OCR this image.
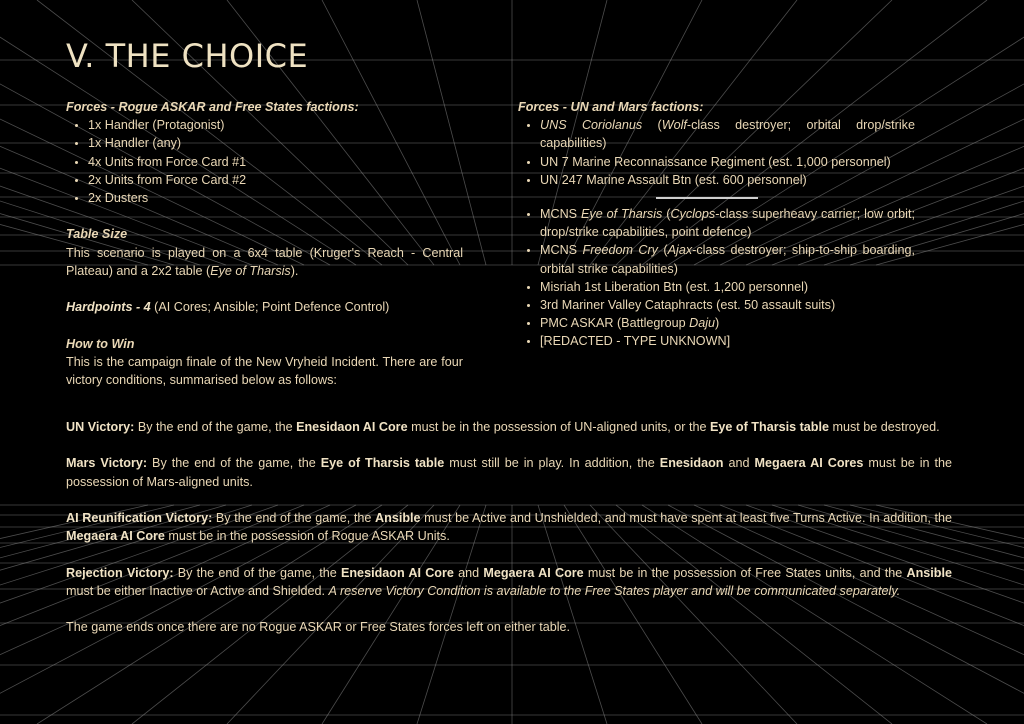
V. THE CHOICE
Forces - Rogue ASKAR and Free States factions:
• 1x Handler (Protagonist)
• 1x Handler (any)
• 4x Units from Force Card #1
• 2x Units from Force Card #2
• 2x Dusters
Table Size

This scenario is played on a 6x4 table (Kruger's Reach - Central Plateau) and a 2x2 table (Eye of Tharsis).

Hardpoints - 4 (AI Cores; Ansible; Point Defence Control)

How to Win

This is the campaign finale of the New Vryheid Incident. There are four victory conditions, summarised below as follows:

Forces - UN and Mars factions:
• UNS Coriolanus (Wolf-class destroyer; orbital drop/strike capabilities)
• UN 7 Marine Reconnaissance Regiment (est. 1,000 personnel)
• UN 247 Marine Assault Btn (est. 600 personnel)
• MCNS Eye of Tharsis (Cyclops-class superheavy carrier; low orbit; drop/strike capabilities, point defence)
• MCNS Freedom Cry (Ajax-class destroyer; ship-to-ship boarding, orbital strike capabilities)
• Misriah 1st Liberation Btn (est. 1,200 personnel)
• 3rd Mariner Valley Cataphracts (est. 50 assault suits)
• PMC ASKAR (Battlegroup Daju)
• [REDACTED - TYPE UNKNOWN]

UN Victory: By the end of the game, the Enesidaon AI Core must be in the possession of UN-aligned units, or the Eye of Tharsis table must be destroyed.

Mars Victory: By the end of the game, the Eye of Tharsis table must still be in play. In addition, the Enesidaon and Megaera AI Cores must be in the possession of Mars-aligned units.

AI Reunification Victory: By the end of the game, the Ansible must be Active and Unshielded, and must have spent at least five Turns Active. In addition, the Megaera AI Core must be in the possession of Rogue ASKAR Units.

Rejection Victory: By the end of the game, the Enesidaon AI Core and Megaera AI Core must be in the possession of Free States units, and the Ansible must be either Inactive or Active and Shielded. A reserve Victory Condition is available to the Free States player and will be communicated separately.

The game ends once there are no Rogue ASKAR or Free States forces left on either table.
